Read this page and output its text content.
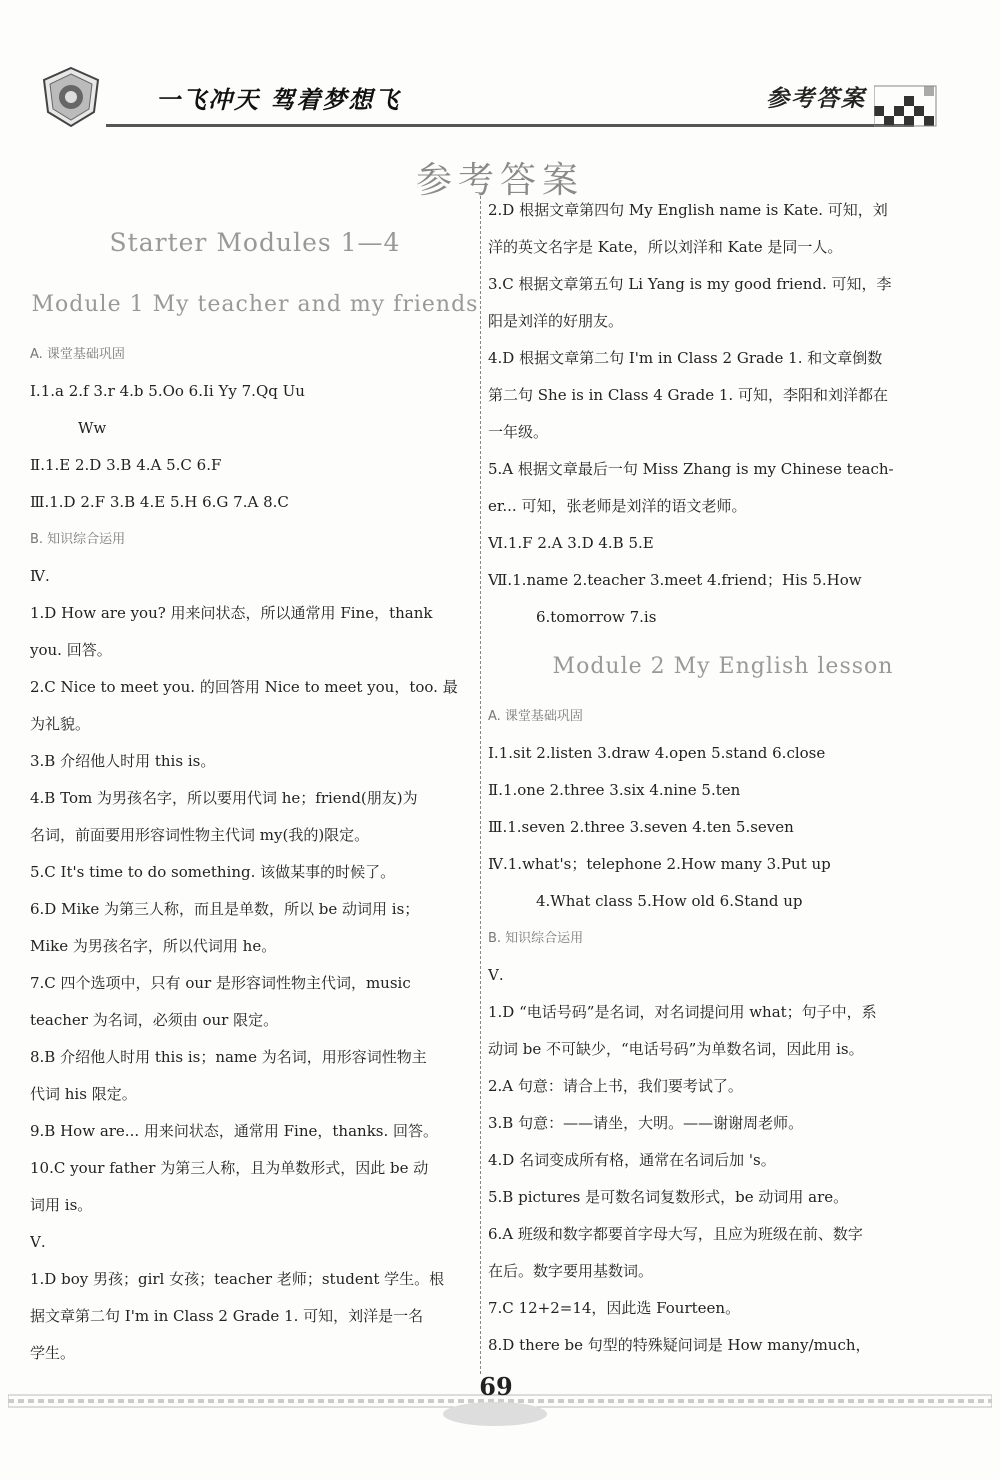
一飞冲天 驾着梦想飞	参考答案
参考答案
Starter Modules 1—4
Module 1 My teacher and my friends
A. 课堂基础巩固
Ⅰ.1.a 2.f 3.r 4.b 5.Oo 6.Ii Yy 7.Qq Uu
Ww
Ⅱ.1.E 2.D 3.B 4.A 5.C 6.F
Ⅲ.1.D 2.F 3.B 4.E 5.H 6.G 7.A 8.C
B. 知识综合运用
Ⅳ.
1.D How are you? 用来问状态，所以通常用 Fine，thank
you. 回答。
2.C Nice to meet you. 的回答用 Nice to meet you，too. 最
为礼貌。
3.B 介绍他人时用 this is。
4.B Tom 为男孩名字，所以要用代词 he；friend(朋友)为
名词，前面要用形容词性物主代词 my(我的)限定。
5.C It's time to do something. 该做某事的时候了。
6.D Mike 为第三人称，而且是单数，所以 be 动词用 is；
Mike 为男孩名字，所以代词用 he。
7.C 四个选项中，只有 our 是形容词性物主代词，music
teacher 为名词，必须由 our 限定。
8.B 介绍他人时用 this is；name 为名词，用形容词性物主
代词 his 限定。
9.B How are... 用来问状态，通常用 Fine，thanks. 回答。
10.C your father 为第三人称，且为单数形式，因此 be 动
词用 is。
Ⅴ.
1.D boy 男孩；girl 女孩；teacher 老师；student 学生。根
据文章第二句 I'm in Class 2 Grade 1. 可知，刘洋是一名
学生。
2.D 根据文章第四句 My English name is Kate. 可知，刘
洋的英文名字是 Kate，所以刘洋和 Kate 是同一人。
3.C 根据文章第五句 Li Yang is my good friend. 可知，李
阳是刘洋的好朋友。
4.D 根据文章第二句 I'm in Class 2 Grade 1. 和文章倒数
第二句 She is in Class 4 Grade 1. 可知，李阳和刘洋都在
一年级。
5.A 根据文章最后一句 Miss Zhang is my Chinese teach-
er... 可知，张老师是刘洋的语文老师。
Ⅵ.1.F 2.A 3.D 4.B 5.E
Ⅶ.1.name 2.teacher 3.meet 4.friend；His 5.How
6.tomorrow 7.is
Module 2 My English lesson
A. 课堂基础巩固
Ⅰ.1.sit 2.listen 3.draw 4.open 5.stand 6.close
Ⅱ.1.one 2.three 3.six 4.nine 5.ten
Ⅲ.1.seven 2.three 3.seven 4.ten 5.seven
Ⅳ.1.what's；telephone 2.How many 3.Put up
4.What class 5.How old 6.Stand up
B. 知识综合运用
Ⅴ.
1.D “电话号码”是名词，对名词提问用 what；句子中，系
动词 be 不可缺少，“电话号码”为单数名词，因此用 is。
2.A 句意：请合上书，我们要考试了。
3.B 句意：——请坐，大明。——谢谢周老师。
4.D 名词变成所有格，通常在名词后加 's。
5.B pictures 是可数名词复数形式，be 动词用 are。
6.A 班级和数字都要首字母大写，且应为班级在前、数字
在后。数字要用基数词。
7.C 12+2=14，因此选 Fourteen。
8.D there be 句型的特殊疑问词是 How many/much，
69
